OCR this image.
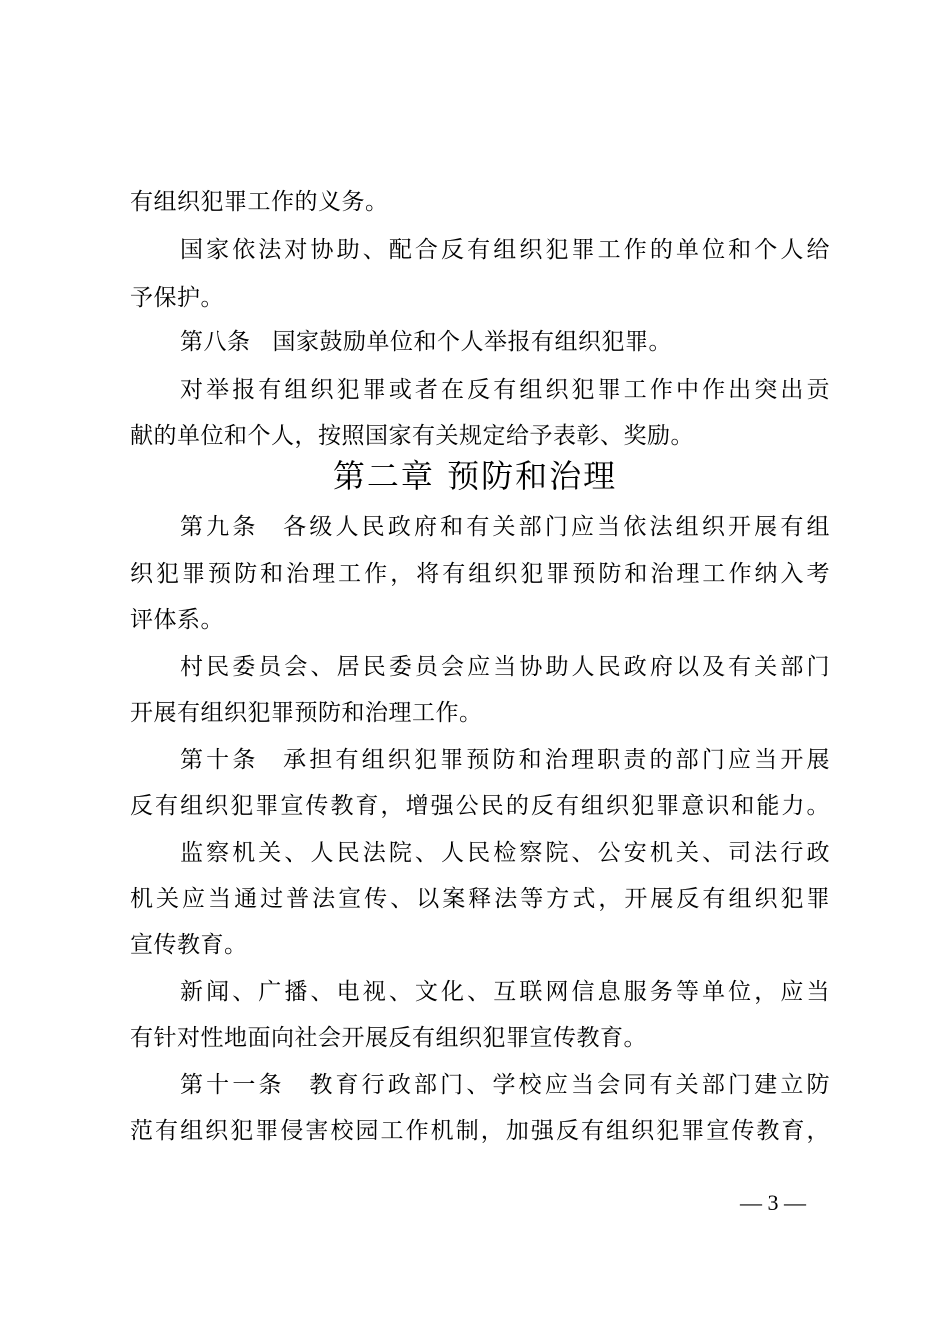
有组织犯罪工作的义务。
国家依法对协助、配合反有组织犯罪工作的单位和个人给
予保护。
第八条 国家鼓励单位和个人举报有组织犯罪。
对举报有组织犯罪或者在反有组织犯罪工作中作出突出贡
献的单位和个人，按照国家有关规定给予表彰、奖励。
第二章 预防和治理
第九条 各级人民政府和有关部门应当依法组织开展有组
织犯罪预防和治理工作，将有组织犯罪预防和治理工作纳入考
评体系。
村民委员会、居民委员会应当协助人民政府以及有关部门
开展有组织犯罪预防和治理工作。
第十条 承担有组织犯罪预防和治理职责的部门应当开展
反有组织犯罪宣传教育，增强公民的反有组织犯罪意识和能力。
监察机关、人民法院、人民检察院、公安机关、司法行政
机关应当通过普法宣传、以案释法等方式，开展反有组织犯罪
宣传教育。
新闻、广播、电视、文化、互联网信息服务等单位，应当
有针对性地面向社会开展反有组织犯罪宣传教育。
第十一条 教育行政部门、学校应当会同有关部门建立防
范有组织犯罪侵害校园工作机制，加强反有组织犯罪宣传教育，
— 3 —
